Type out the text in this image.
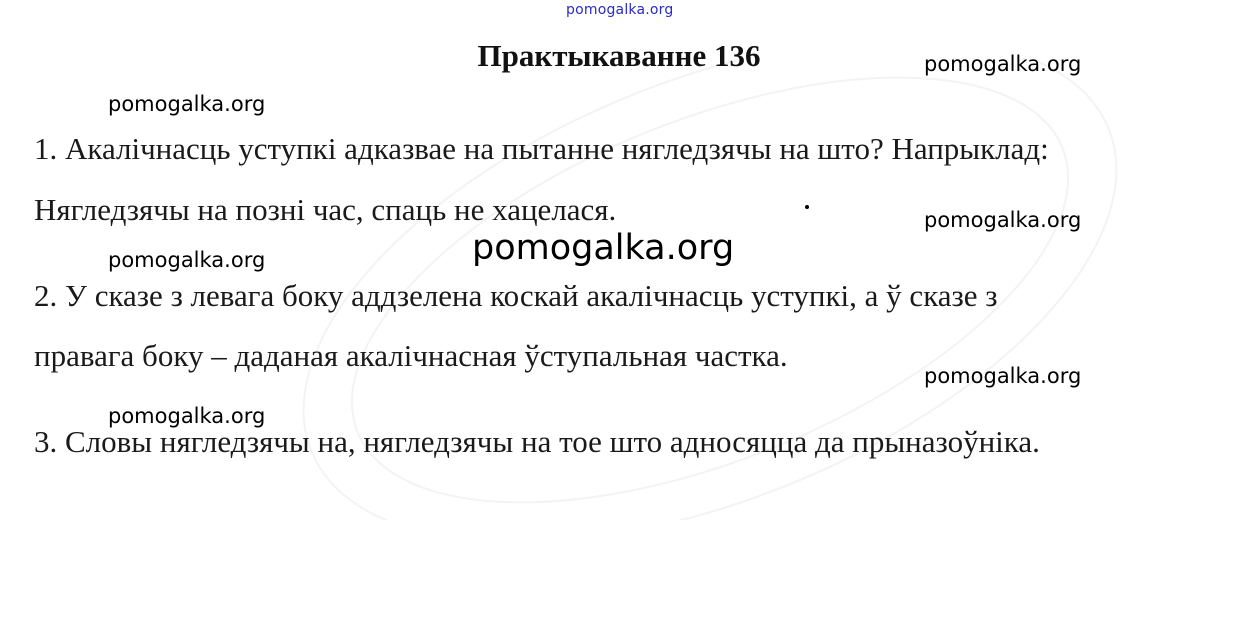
pomogalka.org
Практыкаванне 136	pomogalka.org
pomogalka.org
1. Акалічнасць уступкі адказвае на пытанне нягледзячы на што? Напрыклад:
Нягледзячы на позні час, спаць не хацелася.	pomogalka.org
pomogalka.org
pomogalka.org
2. У сказе з левага боку аддзелена коскай акалічнасць уступкі, а ў сказе з
правага боку – даданая акалічнасная ўступальная частка.
pomogalka.org
pomogalka.org
3. Словы нягледзячы на, нягледзячы на тое што адносяцца да прыназоўніка.
